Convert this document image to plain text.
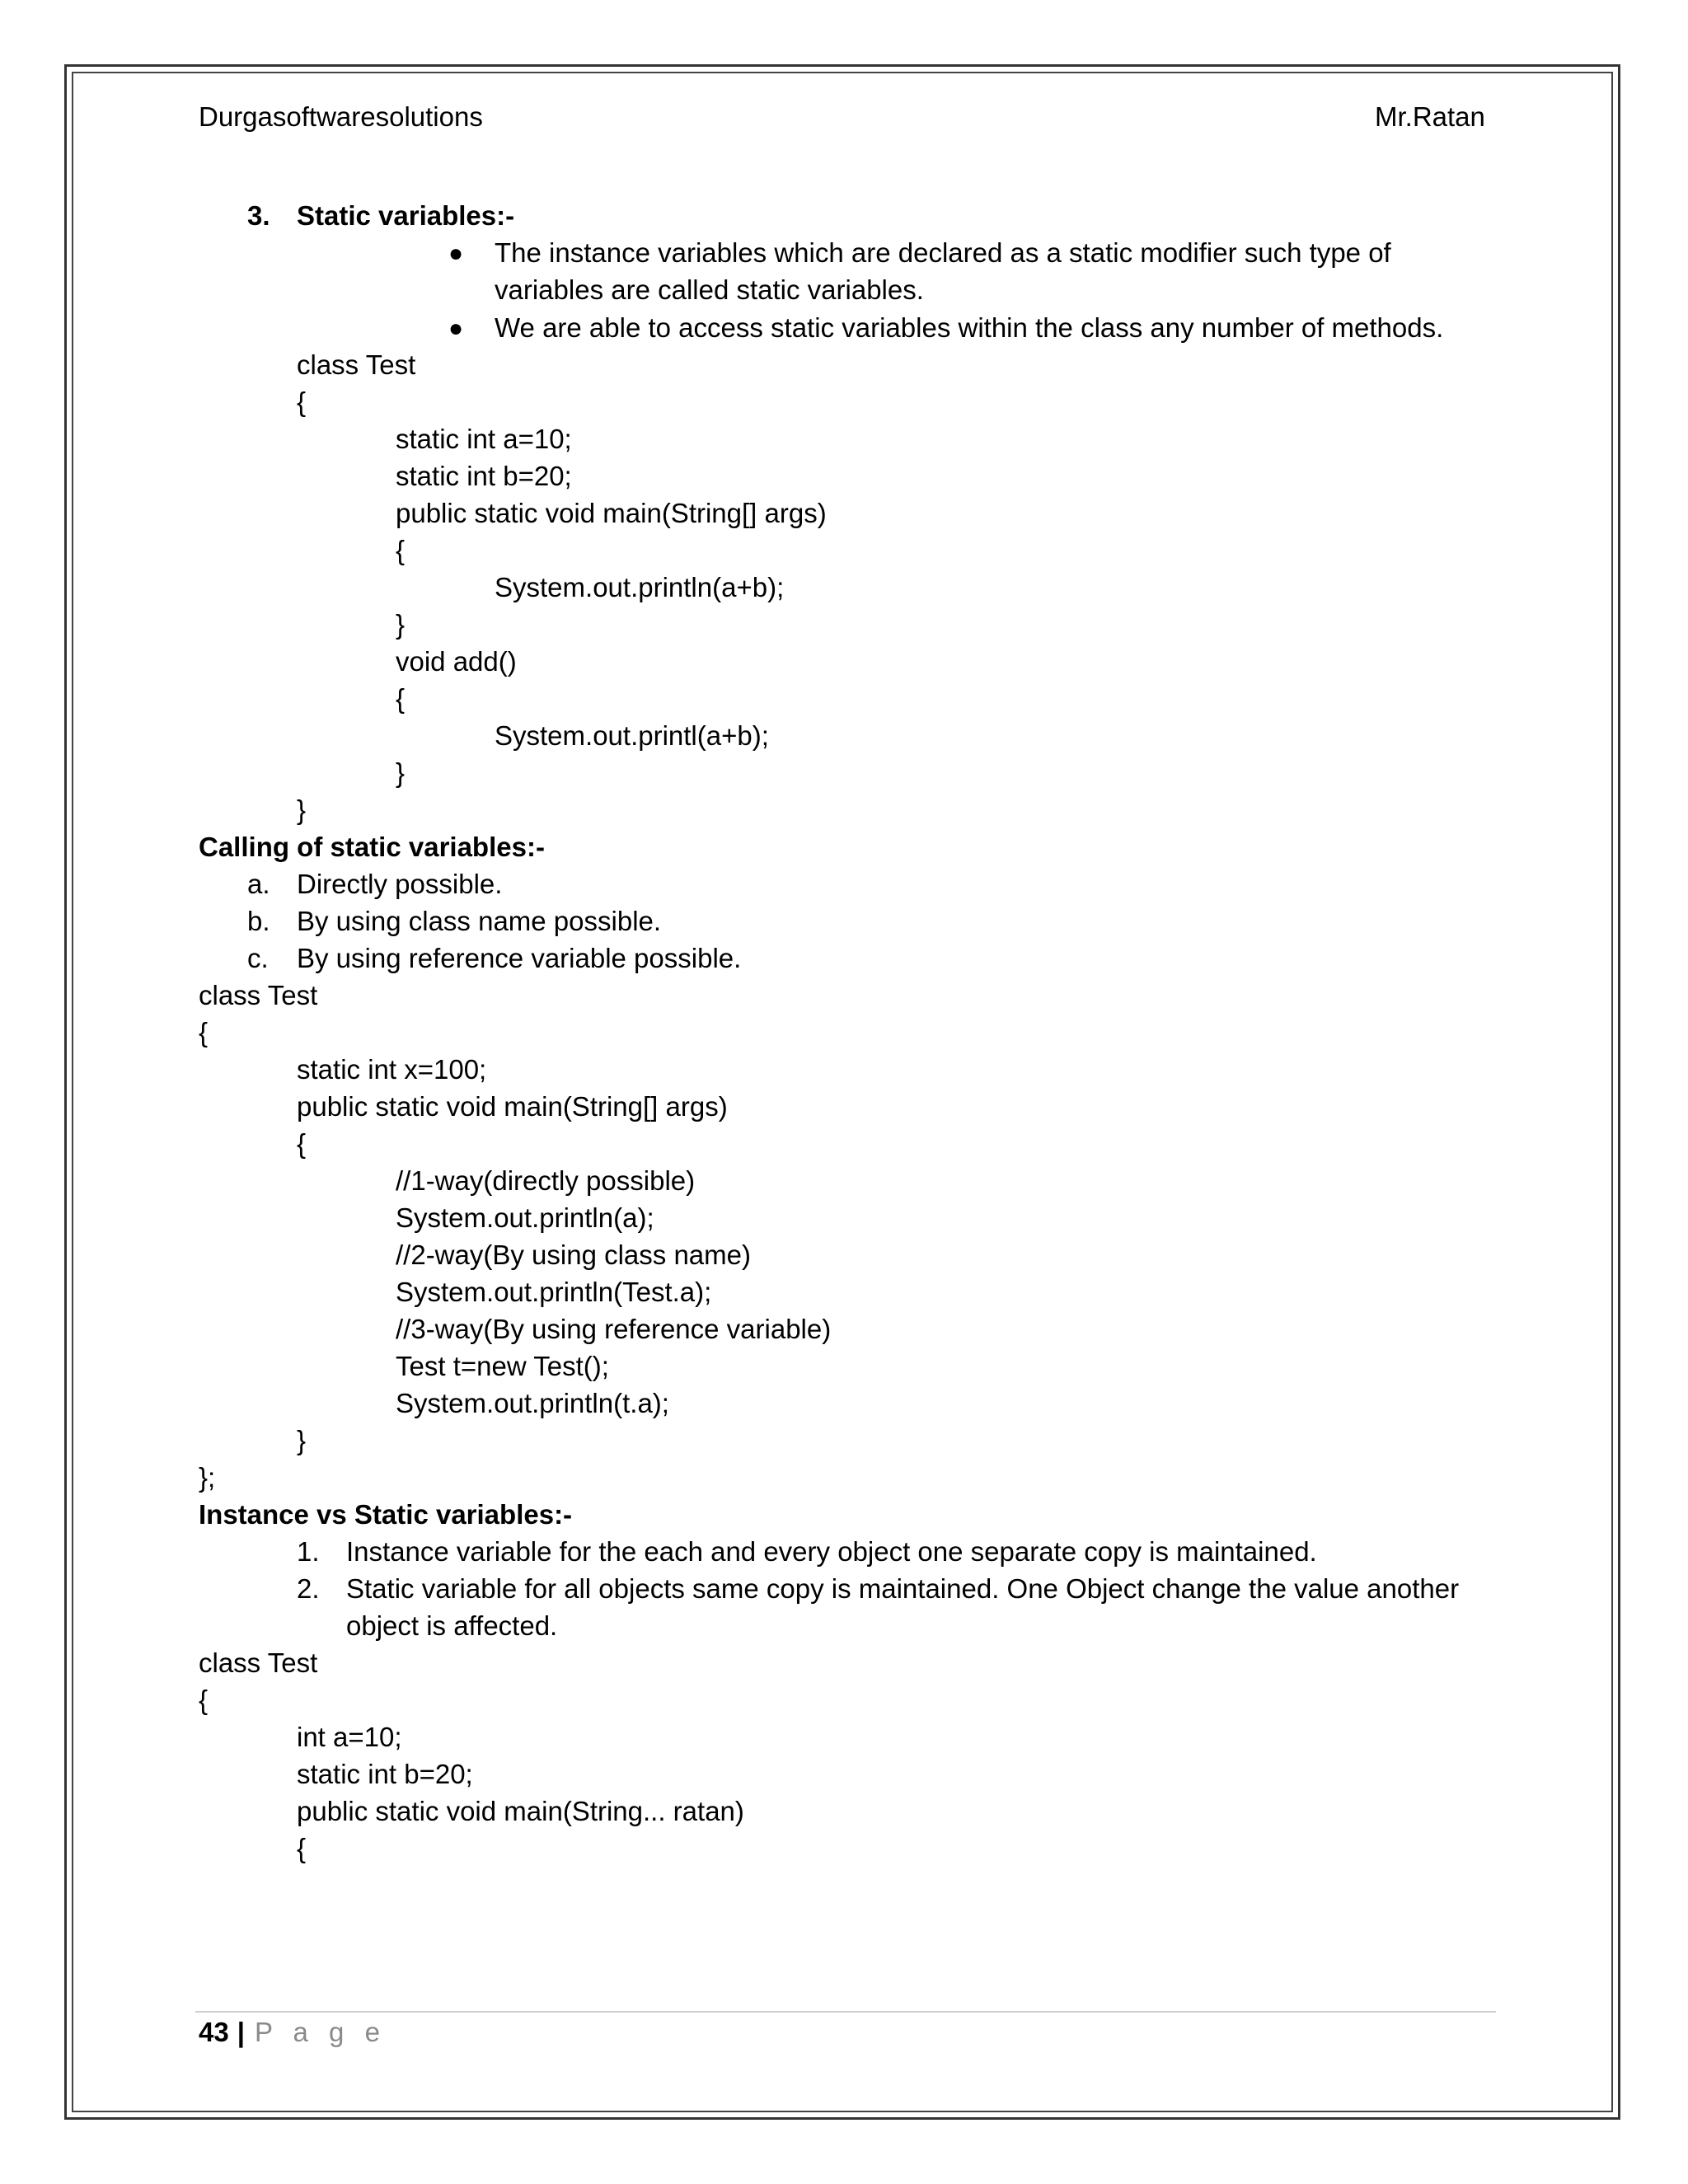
Durgasoftwaresolutions	Mr.Ratan
3. Static variables:-
● The instance variables which are declared as a static modifier such type of
variables are called static variables.
● We are able to access static variables within the class any number of methods.
class Test
{
static int a=10;
static int b=20;
public static void main(String[] args)
{
System.out.println(a+b);
}
void add()
{
System.out.printl(a+b);
}
}
Calling of static variables:-
a. Directly possible.
b. By using class name possible.
c. By using reference variable possible.
class Test
{
static int x=100;
public static void main(String[] args)
{
//1-way(directly possible)
System.out.println(a);
//2-way(By using class name)
System.out.println(Test.a);
//3-way(By using reference variable)
Test t=new Test();
System.out.println(t.a);
}
};
Instance vs Static variables:-
1. Instance variable for the each and every object one separate copy is maintained.
2. Static variable for all objects same copy is maintained. One Object change the value another
object is affected.
class Test
{
int a=10;
static int b=20;
public static void main(String... ratan)
{
43 | P a g e
